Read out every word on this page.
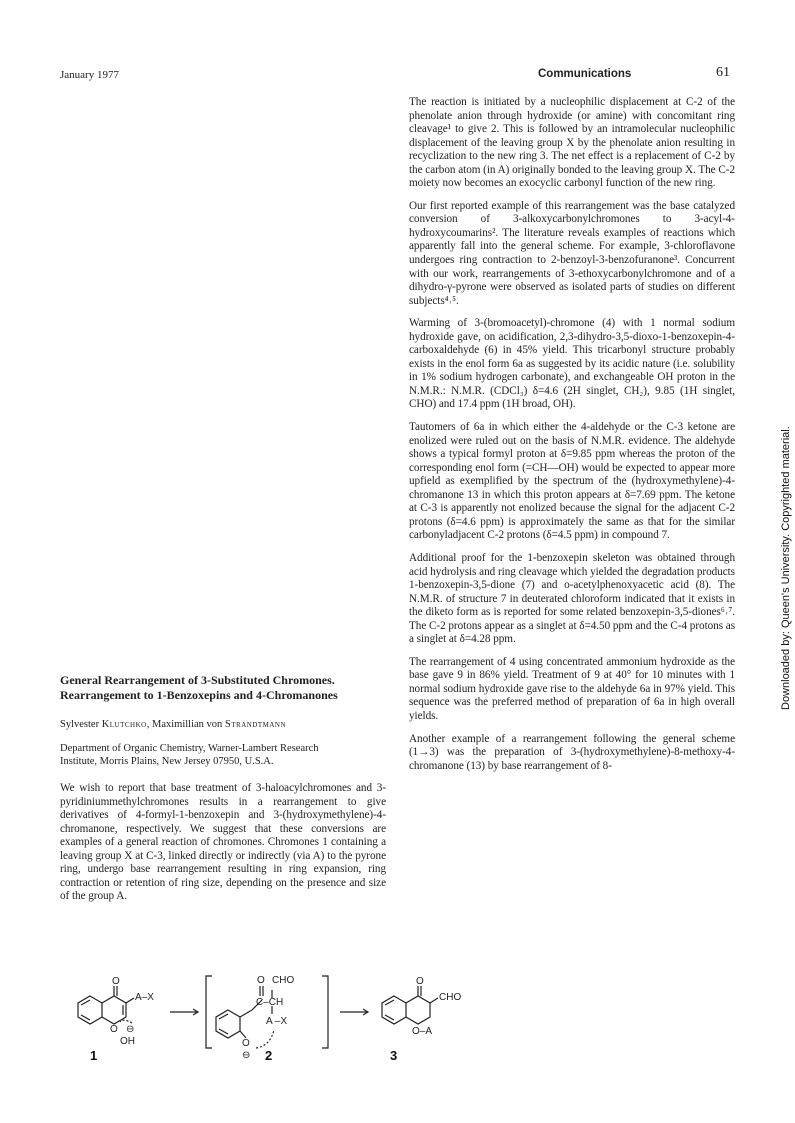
January 1977	Communications	61
Downloaded by: Queen's University. Copyrighted material.
General Rearrangement of 3-Substituted Chromones.
Rearrangement to 1-Benzoxepins and 4-Chromanones
Sylvester Klutchko, Maximillian von Strandtmann
Department of Organic Chemistry, Warner-Lambert Research
Institute, Morris Plains, New Jersey 07950, U.S.A.

We wish to report that base treatment of 3-haloacylchromones and 3-pyridiniummethylchromones results in a rearrangement to give derivatives of 4-formyl-1-benzoxepin and 3-(hydroxymethylene)-4-chromanone, respectively. We suggest that these conversions are examples of a general reaction of chromones. Chromones 1 containing a leaving group X at C-3, linked directly or indirectly (via A) to the pyrone ring, undergo base rearrangement resulting in ring expansion, ring contraction or retention of ring size, depending on the presence and size of the group A.

The reaction is initiated by a nucleophilic displacement at C-2 of the phenolate anion through hydroxide (or amine) with concomitant ring cleavage¹ to give 2. This is followed by an intramolecular nucleophilic displacement of the leaving group X by the phenolate anion resulting in recyclization to the new ring 3. The net effect is a replacement of C-2 by the carbon atom (in A) originally bonded to the leaving group X. The C-2 moiety now becomes an exocyclic carbonyl function of the new ring.

Our first reported example of this rearrangement was the base catalyzed conversion of 3-alkoxycarbonylchromones to 3-acyl-4-hydroxycoumarins². The literature reveals examples of reactions which apparently fall into the general scheme. For example, 3-chloroflavone undergoes ring contraction to 2-benzoyl-3-benzofuranone³. Concurrent with our work, rearrangements of 3-ethoxycarbonylchromone and of a dihydro-γ-pyrone were observed as isolated parts of studies on different subjects⁴˒⁵.

Warming of 3-(bromoacetyl)-chromone (4) with 1 normal sodium hydroxide gave, on acidification, 2,3-dihydro-3,5-dioxo-1-benzoxepin-4-carboxaldehyde (6) in 45% yield. This tricarbonyl structure probably exists in the enol form 6a as suggested by its acidic nature (i.e. solubility in 1% sodium hydrogen carbonate), and exchangeable OH proton in the N.M.R.: N.M.R. (CDCl₃) δ=4.6 (2H singlet, CH₂), 9.85 (1H singlet, CHO) and 17.4 ppm (1H broad, OH).

Tautomers of 6a in which either the 4-aldehyde or the C-3 ketone are enolized were ruled out on the basis of N.M.R. evidence. The aldehyde shows a typical formyl proton at δ=9.85 ppm whereas the proton of the corresponding enol form (=CH—OH) would be expected to appear more upfield as exemplified by the spectrum of the (hydroxymethylene)-4-chromanone 13 in which this proton appears at δ=7.69 ppm. The ketone at C-3 is apparently not enolized because the signal for the adjacent C-2 protons (δ=4.6 ppm) is approximately the same as that for the similar carbonyladjacent C-2 protons (δ=4.5 ppm) in compound 7.

Additional proof for the 1-benzoxepin skeleton was obtained through acid hydrolysis and ring cleavage which yielded the degradation products 1-benzoxepin-3,5-dione (7) and o-acetylphenoxyacetic acid (8). The N.M.R. of structure 7 in deuterated chloroform indicated that it exists in the diketo form as is reported for some related benzoxepin-3,5-diones⁶˒⁷. The C-2 protons appear as a singlet at δ=4.50 ppm and the C-4 protons as a singlet at δ=4.28 ppm.

The rearrangement of 4 using concentrated ammonium hydroxide as the base gave 9 in 86% yield. Treatment of 9 at 40° for 10 minutes with 1 normal sodium hydroxide gave rise to the aldehyde 6a in 97% yield. This sequence was the preferred method of preparation of 6a in high overall yields.

Another example of a rearrangement following the general scheme (1→3) was the preparation of 3-(hydroxymethylene)-8-methoxy-4-chromanone (13) by base rearrangement of 8-

O
A–X
O ⊖
OH
O CHO
C–CH
A –X
O
⊖
O
CHO
O–A
1	2	3
